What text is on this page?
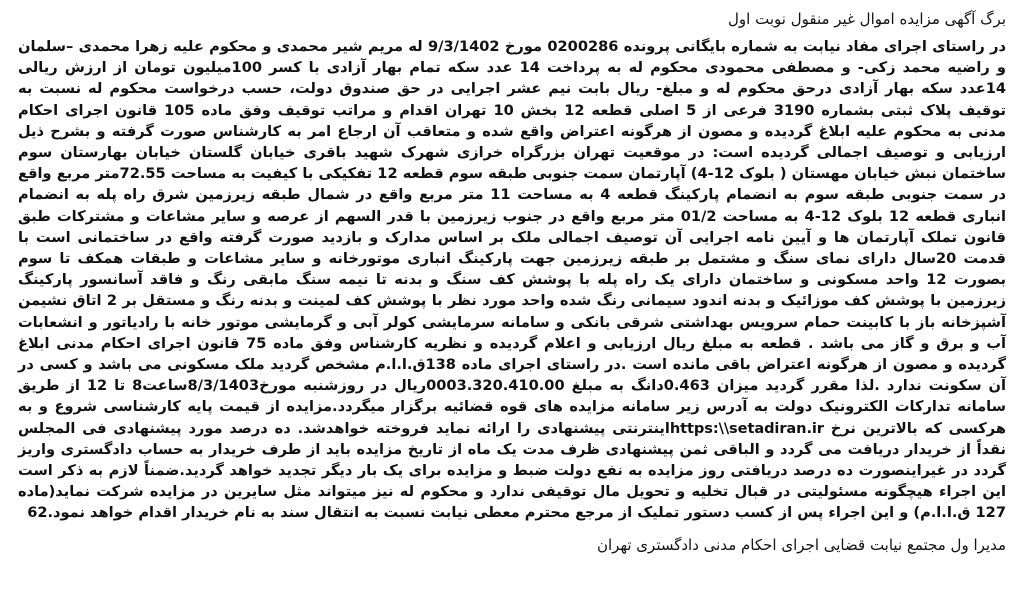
برگ آگهی مزایده اموال غیر منقول نوبت اول

در راستای اجرای مفاد نیابت به شماره بایگانی پرونده 0200286 مورخ 9/3/1402 له مریم شیر محمدی و محکوم علیه زهرا محمدی –سلمان و راضیه محمد زکی- و مصطفی محمودی محکوم له به پرداخت 14 عدد سکه تمام بهار آزادی با کسر 100میلیون تومان از ارزش ریالی 14عدد سکه بهار آزادی درحق محکوم له و مبلغ- ریال بابت نیم عشر اجرایی در حق صندوق دولت، حسب درخواست محکوم له نسبت به توقیف پلاک ثبتی بشماره 3190 فرعی از 5 اصلی قطعه 12 بخش 10 تهران اقدام و مراتب توقیف وفق ماده 105 قانون اجرای احکام مدنی به محکوم علیه ابلاغ گردیده و مصون از هرگونه اعتراض واقع شده و متعاقب آن ارجاع امر به کارشناس صورت گرفته و بشرح ذیل ارزیابی و توصیف اجمالی گردیده است: در موقعیت تهران بزرگراه خرازی شهرک شهید باقری خیابان گلستان خیابان بهارستان سوم ساختمان نبش خیابان مهستان ( بلوک 12-4) آپارتمان سمت جنوبی طبقه سوم قطعه 12 تفکیکی با کیفیت به مساحت 72.55متر مربع واقع در سمت جنوبی طبقه سوم به انضمام پارکینگ قطعه 4 به مساحت 11 متر مربع واقع در شمال طبقه زیرزمین شرق راه پله به انضمام انباری قطعه 12 بلوک 12-4 به مساحت 01/2 متر مربع واقع در جنوب زیرزمین با قدر السهم از عرصه و سایر مشاعات و مشترکات طبق قانون تملک آپارتمان ها و آیین نامه اجرایی آن توصیف اجمالی ملک بر اساس مدارک و بازدید صورت گرفته واقع در ساختمانی است با قدمت 20سال دارای نمای سنگ و مشتمل بر طبقه زیرزمین جهت پارکینگ انباری موتورخانه و سایر مشاعات و طبقات همکف تا سوم بصورت 12 واحد مسکونی و ساختمان دارای یک راه پله با پوشش کف سنگ و بدنه تا نیمه سنگ مابقی رنگ و فاقد آسانسور پارکینگ زیرزمین با پوشش کف موزائیک و بدنه اندود سیمانی رنگ شده واحد مورد نظر با پوشش کف لمینت و بدنه رنگ و مستقل بر 2 اتاق نشیمن آشپزخانه باز با کابینت حمام سرویس بهداشتی شرقی بانکی و سامانه سرمایشی کولر آبی و گرمایشی موتور خانه با رادیاتور و انشعابات آب و برق و گاز می باشد . قطعه به مبلغ ریال ارزیابی و اعلام گردیده و نظریه کارشناس وفق ماده 75 قانون اجرای احکام مدنی ابلاغ گردیده و مصون از هرگونه اعتراض باقی مانده است .در راستای اجرای ماده 138ق.ا.ا.م مشخص گردید ملک مسکونی می باشد و کسی در آن سکونت ندارد .لذا مقرر گردید میزان 0.463دانگ به مبلغ 0003.320.410.00ریال در روزشنبه مورخ8/3/1403ساعت8 تا 12 از طریق سامانه تدارکات الکترونیک دولت به آدرس زیر سامانه مزایده های قوه قضائیه برگزار میگردد.مزایده از قیمت پایه کارشناسی شروع و به هرکسی که بالاترین نرخ https:\\setadiran.irاینترنتی پیشنهادی را ارائه نماید فروخته خواهدشد. ده درصد مورد پیشنهادی فی المجلس نقداً از خریدار دریافت می گردد و الباقی ثمن پیشنهادی ظرف مدت یک ماه از تاریخ مزایده باید از طرف خریدار به حساب دادگستری واریز گردد در غیراینصورت ده درصد دریافتی روز مزایده به نفع دولت ضبط و مزایده برای یک بار دیگر تجدید خواهد گردید.ضمناً لازم به ذکر است این اجراء هیچگونه مسئولیتی در قبال تخلیه و تحویل مال توقیفی ندارد و محکوم له نیز میتواند مثل سایرین در مزایده شرکت نماید(ماده 127 ق.ا.ا.م) و این اجراء پس از کسب دستور تملیک از مرجع محترم معطی نیابت نسبت به انتقال سند به نام خریدار اقدام خواهد نمود.62

مدیرا ول مجتمع نیابت قضایی اجرای احکام مدنی دادگستری تهران
